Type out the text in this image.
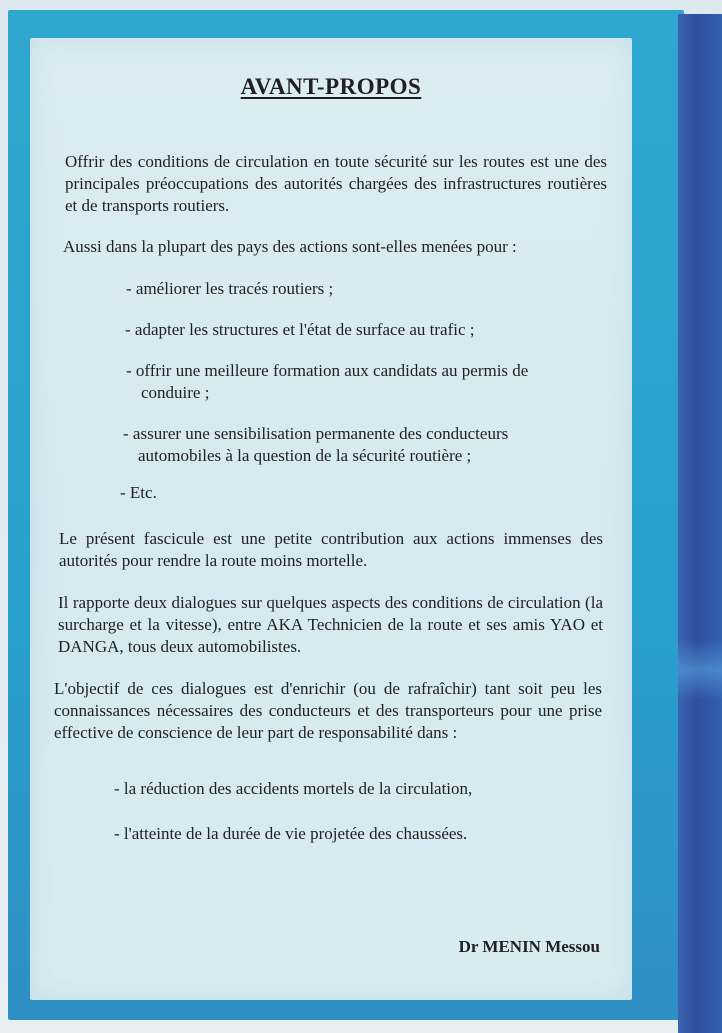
AVANT-PROPOS

Offrir des conditions de circulation en toute sécurité sur les routes est une des principales préoccupations des autorités chargées des infrastructures routières et de transports routiers.

Aussi dans la plupart des pays des actions sont-elles menées pour :

- améliorer les tracés routiers ;

- adapter les structures et l'état de surface au trafic ;

- offrir une meilleure formation aux candidats au permis de
conduire ;

- assurer une sensibilisation permanente des conducteurs
automobiles à la question de la sécurité routière ;

- Etc.

Le présent fascicule est une petite contribution aux actions immenses des autorités pour rendre la route moins mortelle.

Il rapporte deux dialogues sur quelques aspects des conditions de circulation (la surcharge et la vitesse), entre AKA Technicien de la route et ses amis YAO et DANGA, tous deux automobilistes.

L'objectif de ces dialogues est d'enrichir (ou de rafraîchir) tant soit peu les connaissances nécessaires des conducteurs et des transporteurs pour une prise effective de conscience de leur part de responsabilité dans :

- la réduction des accidents mortels de la circulation,

- l'atteinte de la durée de vie projetée des chaussées.

Dr MENIN Messou
